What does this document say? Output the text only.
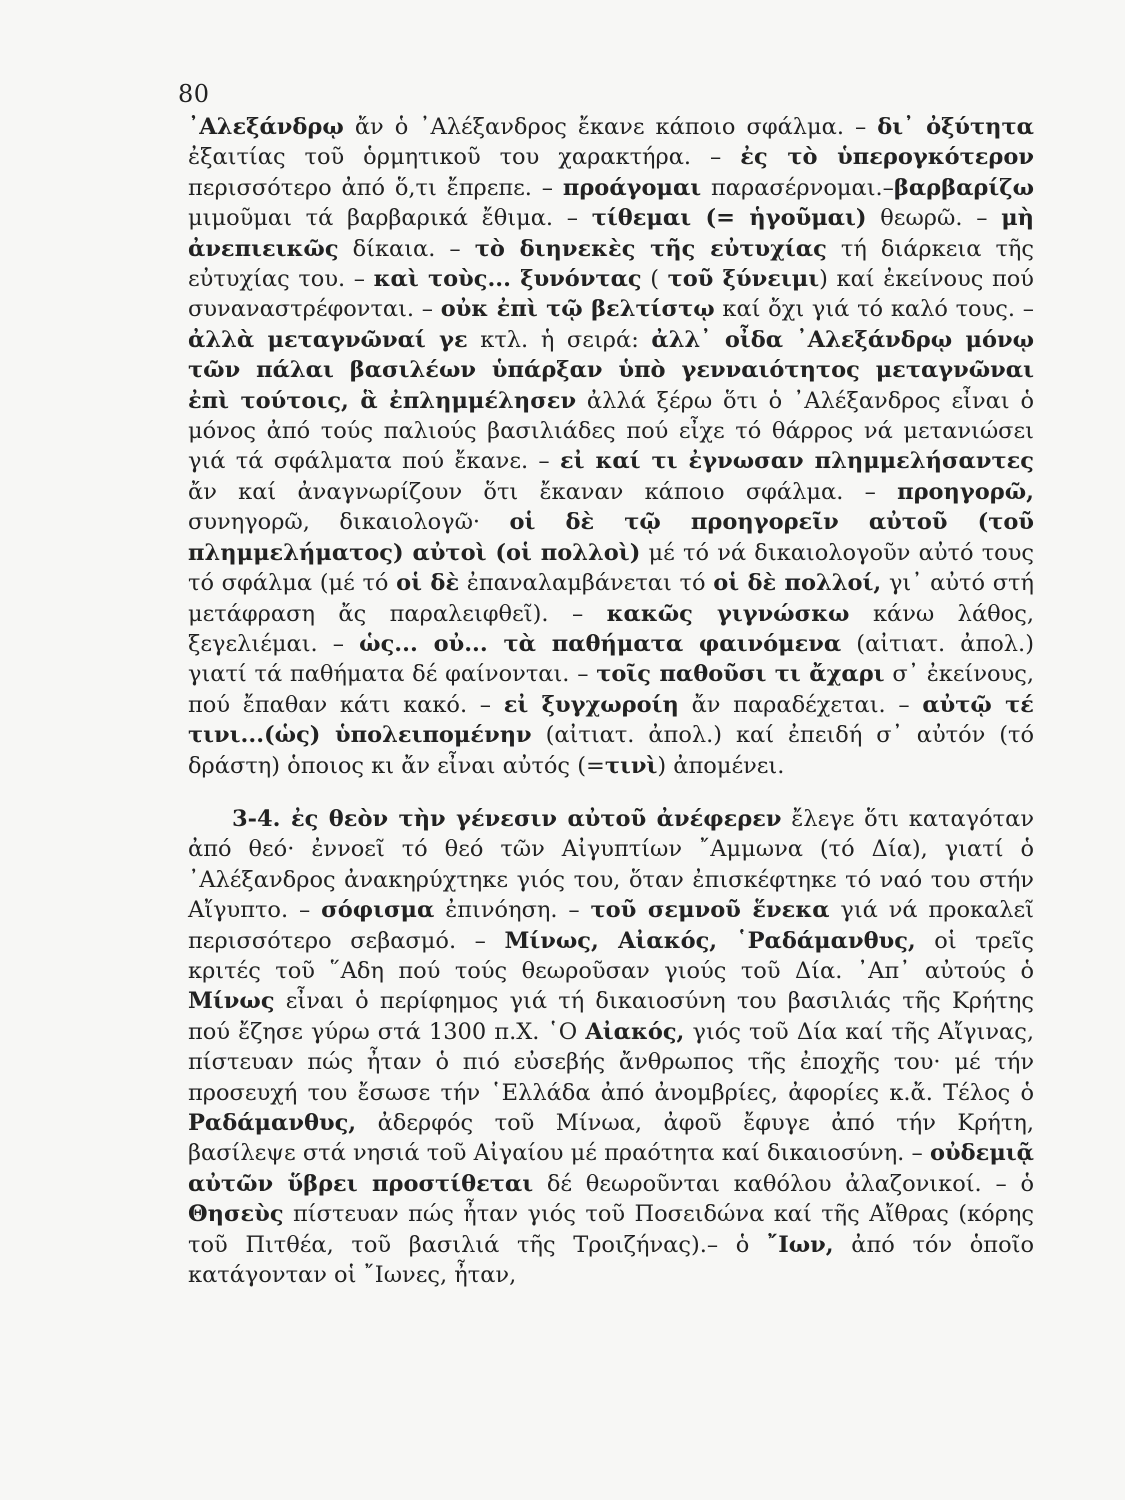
80

᾿Αλεξάνδρῳ ἄν ὁ ᾿Αλέξανδρος ἔκανε κάποιο σφάλμα. – δι᾿ ὀξύτητα ἐξαιτίας τοῦ ὁρμητικοῦ του χαρακτήρα. – ἐς τὸ ὑπερογκότερον περισσότερο ἀπό ὅ,τι ἔπρεπε. – προάγομαι παρασέρνομαι.–βαρβαρίζω μιμοῦμαι τά βαρβαρικά ἔθιμα. – τίθεμαι (= ἡγοῦμαι) θεωρῶ. – μὴ ἀνεπιεικῶς δίκαια. – τὸ διηνεκὲς τῆς εὐτυχίας τή διάρκεια τῆς εὐτυχίας του. – καὶ τοὺς... ξυνόντας ( τοῦ ξύνειμι) καί ἐκείνους πού συναναστρέφονται. – οὐκ ἐπὶ τῷ βελτίστῳ καί ὄχι γιά τό καλό τους. – ἀλλὰ μεταγνῶναί γε κτλ. ἡ σειρά: ἀλλ᾿ οἶδα ᾿Αλεξάνδρῳ μόνῳ τῶν πάλαι βασιλέων ὑπάρξαν ὑπὸ γενναιότητος μεταγνῶναι ἐπὶ τούτοις, ἃ ἐπλημμέλησεν ἀλλά ξέρω ὅτι ὁ ᾿Αλέξανδρος εἶναι ὁ μόνος ἀπό τούς παλιούς βασιλιάδες πού εἶχε τό θάρρος νά μετανιώσει γιά τά σφάλματα πού ἔκανε. – εἰ καί τι ἐγνωσαν πλημμελήσαντες ἄν καί ἀναγνωρίζουν ὅτι ἔκαναν κάποιο σφάλμα. – προηγορῶ, συνηγορῶ, δικαιολογῶ· οἱ δὲ τῷ προηγορεῖν αὐτοῦ (τοῦ πλημμελήματος) αὐτοὶ (οἱ πολλοὶ) μέ τό νά δικαιολογοῦν αὐτό τους τό σφάλμα (μέ τό οἱ δὲ ἐπαναλαμβάνεται τό οἱ δὲ πολλοί, γι᾿ αὐτό στή μετάφραση ἄς παραλειφθεῖ). – κακῶς γιγνώσκω κάνω λάθος, ξεγελιέμαι. – ὡς... οὐ... τὰ παθήματα φαινόμενα (αἰτιατ. ἀπολ.) γιατί τά παθήματα δέ φαίνονται. – τοῖς παθοῦσι τι ἄχαρι σ᾿ ἐκείνους, πού ἔπαθαν κάτι κακό. – εἰ ξυγχωροίη ἄν παραδέχεται. – αὐτῷ τέ τινι...(ὡς) ὑπολειπομένην (αἰτιατ. ἀπολ.) καί ἐπειδή σ᾿ αὐτόν (τό δράστη) ὁποιος κι ἄν εἶναι αὐτός (=τινὶ) ἀπομένει.

3-4. ἐς θεὸν τὴν γένεσιν αὐτοῦ ἀνέφερεν ἔλεγε ὅτι καταγόταν ἀπό θεό· ἐννοεῖ τό θεό τῶν Αἰγυπτίων ῎Αμμωνα (τό Δία), γιατί ὁ ᾿Αλέξανδρος ἀνακηρύχτηκε γιός του, ὅταν ἐπισκέφτηκε τό ναό του στήν Αἴγυπτο. – σόφισμα ἐπινόηση. – τοῦ σεμνοῦ ἕνεκα γιά νά προκαλεῖ περισσότερο σεβασμό. – Μίνως, Αἰακός, ῾Ραδάμανθυς, οἱ τρεῖς κριτές τοῦ ῞Αδη πού τούς θεωροῦσαν γιούς τοῦ Δία. ᾿Απ᾿ αὐτούς ὁ Μίνως εἶναι ὁ περίφημος γιά τή δικαιοσύνη του βασιλιάς τῆς Κρήτης πού ἔζησε γύρω στά 1300 π.Χ. ῾Ο Αἰακός, γιός τοῦ Δία καί τῆς Αἴγινας, πίστευαν πώς ἦταν ὁ πιό εὐσεβής ἄνθρωπος τῆς ἐποχῆς του· μέ τήν προσευχή του ἔσωσε τήν ῾Ελλάδα ἀπό ἀνομβρίες, ἀφορίες κ.ἄ. Τέλος ὁ Ραδάμανθυς, ἀδερφός τοῦ Μίνωα, ἀφοῦ ἔφυγε ἀπό τήν Κρήτη, βασίλεψε στά νησιά τοῦ Αἰγαίου μέ πραότητα καί δικαιοσύνη. – οὐδεμιᾷ αὐτῶν ὕβρει προστίθεται δέ θεωροῦνται καθόλου ἀλαζονικοί. – ὁ Θησεὺς πίστευαν πώς ἦταν γιός τοῦ Ποσειδώνα καί τῆς Αἴθρας (κόρης τοῦ Πιτθέα, τοῦ βασιλιά τῆς Τροιζήνας).– ὁ ῎Ιων, ἀπό τόν ὁποῖο κατάγονταν οἱ ῎Ιωνες, ἦταν,
